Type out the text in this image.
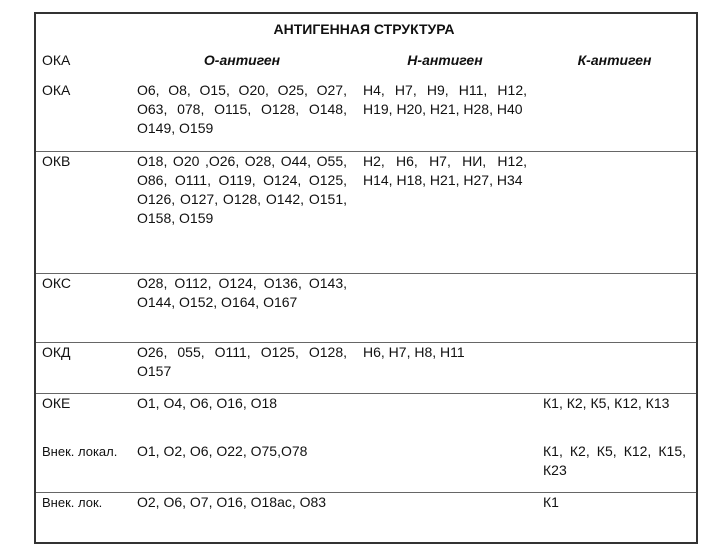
АНТИГЕННАЯ СТРУКТУРА			
ОКА	О-антиген	Н-антиген	К-антиген
ОКА	О6, О8, О15, О20, О25, О27, О63, 078, О115, О128, О148, О149, О159	Н4, Н7, Н9, Н11, Н12, Н19, Н20, Н21, Н28, Н40	
ОКВ	О18, О20 ,О26, О28, О44, О55, О86, О111, О119, О124, О125, О126, О127, О128, О142, О151, О158, О159	Н2, Н6, Н7, НИ, Н12, Н14, Н18, Н21, Н27, Н34	
ОКС	О28, О112, О124, О136, О143, О144, О152, О164, О167		
ОКД	О26, 055, О111, О125, О128, О157	Н6, Н7, Н8, Н11	
ОКЕ	О1, О4, О6, О16, О18		К1, К2, К5, К12, К13
Внек. локал.	О1, О2, О6, О22, О75,О78		К1, К2, К5, К12, К15, К23
Внек. лок.	О2, О6, О7, О16, О18ас, О83		К1
